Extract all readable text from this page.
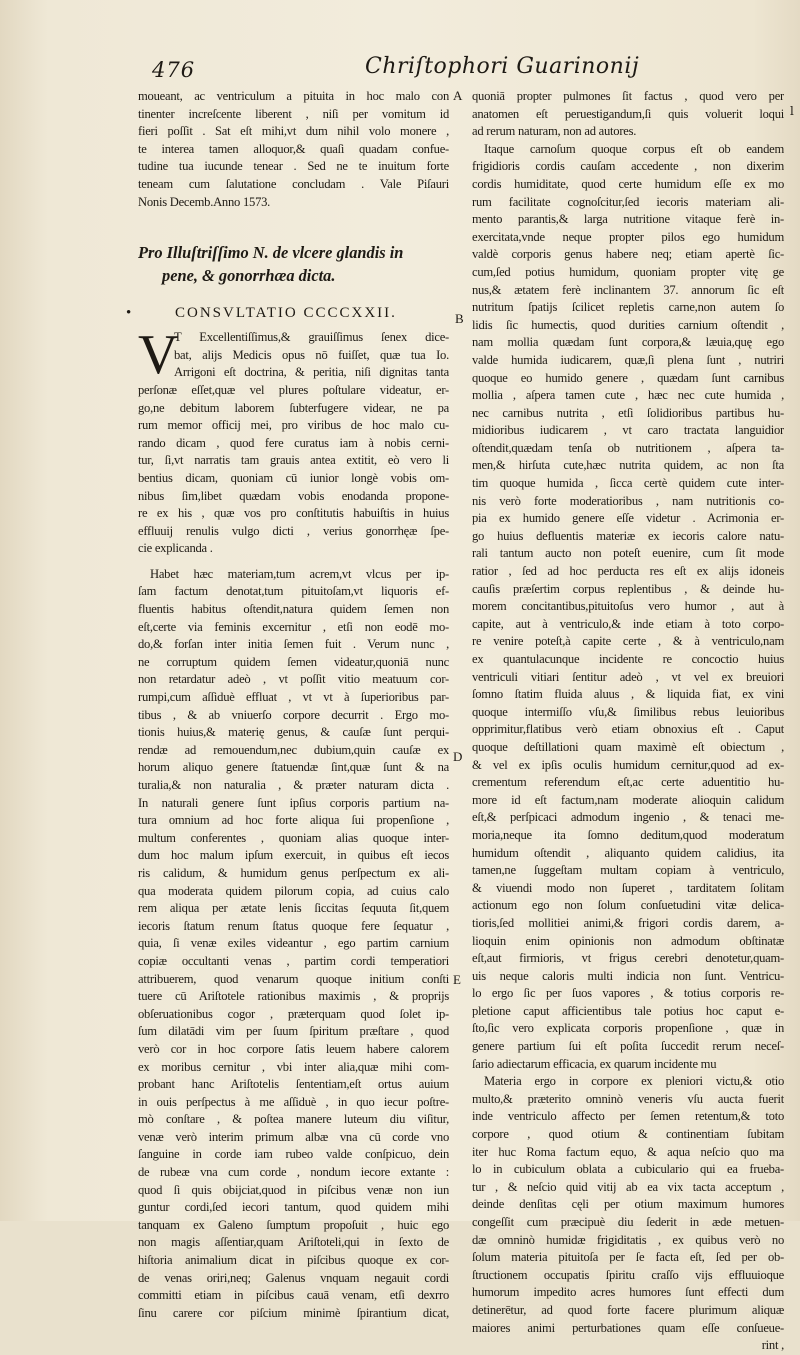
476	Chriſtophori Guarinonij
A
B
D
E
l
moueant, ac ventriculum a pituita in hoc malo con
tinenter increſcente liberent , niſi per vomitum id
fieri poſſit . Sat eſt mihi,vt dum nihil volo monere ,
te interea tamen alloquor,& quaſi quadam confue-
tudine tua iucunde tenear . Sed ne te inuitum forte
teneam cum ſalutatione concludam . Vale Piſauri
Nonis Decemb.Anno 1573.
Pro Illuſtriſſimo N. de vlcere glandis in
pene, & gonorrhæa dicta.
•	CONSVLTATIO CCCCXXII.
V
T Excellentiſſimus,& grauiſſimus ſenex dice-
bat, alijs Medicis opus nō fuiſſet, quæ tua Io.
Arrigoni eſt doctrina, & peritia, niſi dignitas tanta
perſonæ eſſet,quæ vel plures poſtulare videatur, er-
go,ne debitum laborem ſubterfugere videar, ne pa
rum memor officij mei, pro viribus de hoc malo cu-
rando dicam , quod fere curatus iam à nobis cerni-
tur, ſi,vt narratis tam grauis antea extitit, eò vero li
bentius dicam, quoniam cū iunior longè vobis om-
nibus ſim,libet quædam vobis enodanda propone-
re ex his , quæ vos pro conſtitutis habuiſtis in huius
effluuij renulis vulgo dicti , verius gonorrhęæ ſpe-
cie explicanda .
Habet hæc materiam,tum acrem,vt vlcus per ip-
ſam factum denotat,tum pituitoſam,vt liquoris ef-
fluentis habitus oſtendit,natura quidem ſemen non
eſt,certe via feminis excernitur , etſi non eodē mo-
do,& forſan inter initia ſemen fuit . Verum nunc ,
ne corruptum quidem ſemen videatur,quoniā nunc
non retardatur adeò , vt poſſit vitio meatuum cor-
rumpi,cum aſſiduè effluat , vt vt à ſuperioribus par-
tibus , & ab vniuerſo corpore decurrit . Ergo mo-
tionis huius,& materię genus, & cauſæ ſunt perqui-
rendæ ad remouendum,nec dubium,quin cauſæ ex
horum aliquo genere ſtatuendæ ſint,quæ ſunt & na
turalia,& non naturalia , & præter naturam dicta .
In naturali genere ſunt ipſius corporis partium na-
tura omnium ad hoc forte aliqua ſui propenſione ,
multum conferentes , quoniam alias quoque inter-
dum hoc malum ipſum exercuit, in quibus eſt iecos
ris calidum, & humidum genus perſpectum ex ali-
qua moderata quidem pilorum copia, ad cuius calo
rem aliqua per ætate lenis ſiccitas ſequuta ſit,quem
iecoris ſtatum renum ſtatus quoque fere ſequatur ,
quia, ſi venæ exiles videantur , ego partim carnium
copiæ occultanti venas , partim cordi temperatiori
attribuerem, quod venarum quoque initium conſti
tuere cū Ariſtotele rationibus maximis , & proprijs
obſeruationibus cogor , præterquam quod ſolet ip-
ſum dilatādi vim per ſuum ſpiritum præſtare , quod
verò cor in hoc corpore ſatis leuem habere calorem
ex moribus cernitur , vbi inter alia,quæ mihi com-
probant hanc Ariſtotelis ſententiam,eſt ortus auium
in ouis perſpectus à me aſſiduè , in quo iecur poſtre-
mò conſtare , & poſtea manere luteum diu viſitur,
venæ verò interim primum albæ vna cū corde vno
ſanguine in corde iam rubeo valde conſpicuo, dein
de rubeæ vna cum corde , nondum iecore extante :
quod ſi quis obijciat,quod in piſcibus venæ non iun
guntur cordi,ſed iecori tantum, quod quidem mihi
tanquam ex Galeno ſumptum propoſuit , huic ego
non magis aſſentiar,quam Ariſtoteli,qui in ſexto de
hiſtoria animalium dicat in piſcibus quoque ex cor-
de venas oriri,neq; Galenus vnquam negauit cordi
committi etiam in piſcibus cauā venam, etſi dexrro
ſinu carere cor piſcium minimè ſpirantium dicat,
quoniā propter pulmones ſit factus , quod vero per
anatomen eſt peruestigandum,ſi quis voluerit loqui
ad rerum naturam, non ad autores.
Itaque carnoſum quoque corpus eſt ob eandem
frigidioris cordis cauſam accedente , non dixerim
cordis humiditate, quod certe humidum eſſe ex mo
rum facilitate cognoſcitur,ſed iecoris materiam ali-
mento parantis,& larga nutritione vitaque ferè in-
exercitata,vnde neque propter pilos ego humidum
valdè corporis genus habere neq; etiam apertè ſic-
cum,ſed potius humidum, quoniam propter vitę ge
nus,& ætatem ferè inclinantem 37. annorum ſic eſt
nutritum ſpatijs ſcilicet repletis carne,non autem ſo
lidis ſic humectis, quod durities carnium oſtendit ,
nam mollia quædam ſunt corpora,& læuia,quę ego
valde humida iudicarem, quæ,ſi plena ſunt , nutriri
quoque eo humido genere , quædam ſunt carnibus
mollia , aſpera tamen cute , hæc nec cute humida ,
nec carnibus nutrita , etſi ſolidioribus partibus hu-
midioribus iudicarem , vt caro tractata languidior
oſtendit,quædam tenſa ob nutritionem , aſpera ta-
men,& hirſuta cute,hæc nutrita quidem, ac non ſta
tim quoque humida , ſicca certè quidem cute inter-
nis verò forte moderatioribus , nam nutritionis co-
pia ex humido genere eſſe videtur . Acrimonia er-
go huius defluentis materiæ ex iecoris calore natu-
rali tantum aucto non poteſt euenire, cum ſit mode
ratior , ſed ad hoc perducta res eſt ex alijs idoneis
cauſis præſertim corpus replentibus , & deinde hu-
morem concitantibus,pituitoſus vero humor , aut à
capite, aut à ventriculo,& inde etiam à toto corpo-
re venire poteſt,à capite certe , & à ventriculo,nam
ex quantulacunque incidente re concoctio huius
ventriculi vitiari ſentitur adeò , vt vel ex breuiori
ſomno ſtatim fluida aluus , & liquida fiat, ex vini
quoque intermiſſo vſu,& ſimilibus rebus leuioribus
opprimitur,flatibus verò etiam obnoxius eſt . Caput
quoque deſtillationi quam maximè eſt obiectum ,
& vel ex ipſis oculis humidum cernitur,quod ad ex-
crementum referendum eſt,ac certe aduentitio hu-
more id eſt factum,nam moderate alioquin calidum
eſt,& perſpicaci admodum ingenio , & tenaci me-
moria,neque ita ſomno deditum,quod moderatum
humidum oſtendit , aliquanto quidem calidius, ita
tamen,ne ſuggeſtam multam copiam à ventriculo,
& viuendi modo non ſuperet , tarditatem ſolitam
actionum ego non ſolum conſuetudini vitæ delica-
tioris,ſed mollitiei animi,& frigori cordis darem, a-
lioquin enim opinionis non admodum obſtinatæ
eſt,aut firmioris, vt frigus cerebri denotetur,quam-
uis neque caloris multi indicia non ſunt. Ventricu-
lo ergo ſic per ſuos vapores , & totius corporis re-
pletione caput afficientibus tale potius hoc caput e-
ſto,ſic vero explicata corporis propenſione , quæ in
genere partium ſui eſt poſita ſuccedit rerum neceſ-
ſario adiectarum efficacia, ex quarum incidente mu
Materia ergo in corpore ex pleniori victu,& otio
multo,& præterito omninò veneris vſu aucta fuerit
inde ventriculo affecto per ſemen retentum,& toto
corpore , quod otium & continentiam ſubitam
iter huc Roma factum equo, & aqua neſcio quo ma
lo in cubiculum oblata a cubiculario qui ea frueba-
tur , & neſcio quid vitij ab ea vix tacta acceptum ,
deinde denſitas cęli per otium maximum humores
congeſſit cum præcipuè diu ſederit in æde metuen-
dæ omninò humidæ frigiditatis , ex quibus verò no
ſolum materia pituitoſa per ſe facta eſt, ſed per ob-
ſtructionem occupatis ſpiritu craſſo vijs effluuioque
humorum impedito acres humores ſunt effecti dum
detinerētur, ad quod forte facere plurimum aliquæ
maiores animi perturbationes quam eſſe conſueue-
rint ,
